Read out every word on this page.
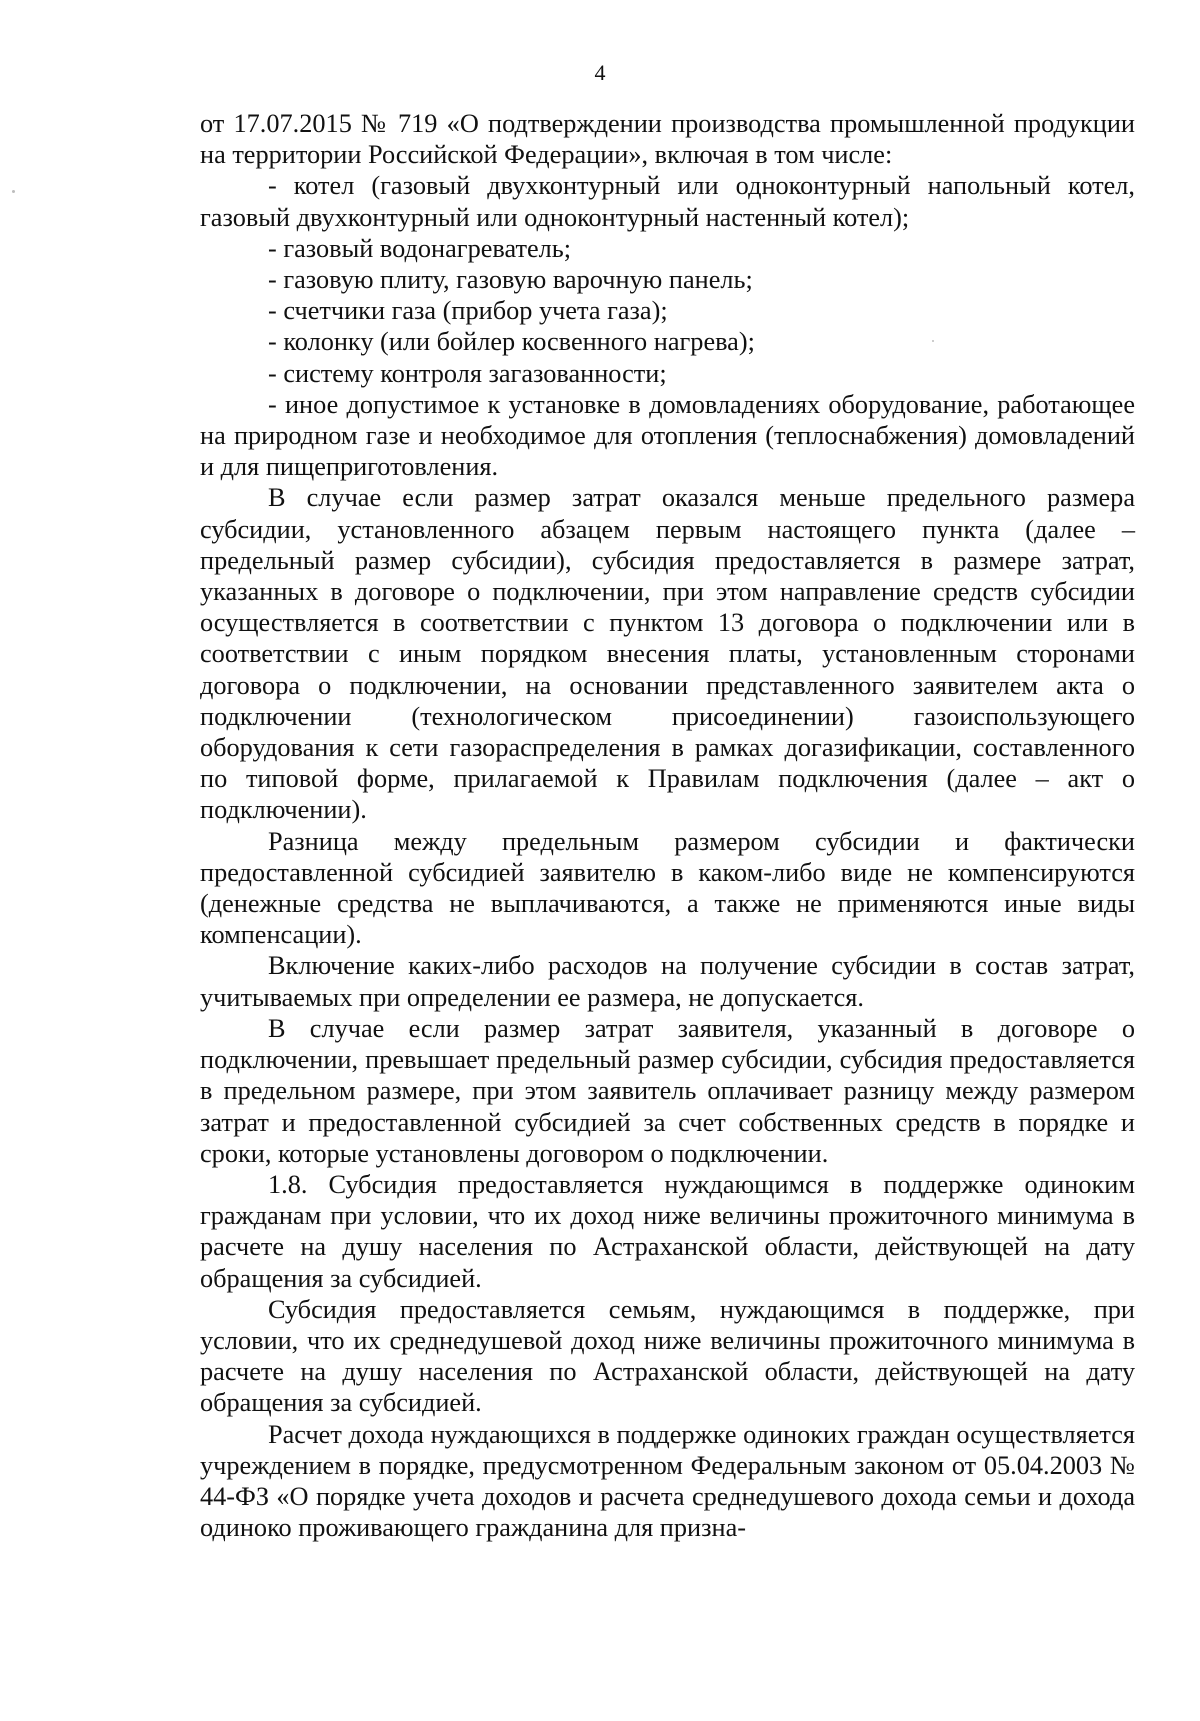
4

от 17.07.2015 № 719 «О подтверждении производства промышленной продукции на территории Российской Федерации», включая в том числе:

- котел (газовый двухконтурный или одноконтурный напольный котел, газовый двухконтурный или одноконтурный настенный котел);

- газовый водонагреватель;

- газовую плиту, газовую варочную панель;

- счетчики газа (прибор учета газа);

- колонку (или бойлер косвенного нагрева);

- систему контроля загазованности;

- иное допустимое к установке в домовладениях оборудование, работающее на природном газе и необходимое для отопления (теплоснабжения) домовладений и для пищеприготовления.

В случае если размер затрат оказался меньше предельного размера субсидии, установленного абзацем первым настоящего пункта (далее – предельный размер субсидии), субсидия предоставляется в размере затрат, указанных в договоре о подключении, при этом направление средств субсидии осуществляется в соответствии с пунктом 13 договора о подключении или в соответствии с иным порядком внесения платы, установленным сторонами договора о подключении, на основании представленного заявителем акта о подключении (технологическом присоединении) газоиспользующего оборудования к сети газораспределения в рамках догазификации, составленного по типовой форме, прилагаемой к Правилам подключения (далее – акт о подключении).

Разница между предельным размером субсидии и фактически предоставленной субсидией заявителю в каком-либо виде не компенсируются (денежные средства не выплачиваются, а также не применяются иные виды компенсации).

Включение каких-либо расходов на получение субсидии в состав затрат, учитываемых при определении ее размера, не допускается.

В случае если размер затрат заявителя, указанный в договоре о подключении, превышает предельный размер субсидии, субсидия предоставляется в предельном размере, при этом заявитель оплачивает разницу между размером затрат и предоставленной субсидией за счет собственных средств в порядке и сроки, которые установлены договором о подключении.

1.8. Субсидия предоставляется нуждающимся в поддержке одиноким гражданам при условии, что их доход ниже величины прожиточного минимума в расчете на душу населения по Астраханской области, действующей на дату обращения за субсидией.

Субсидия предоставляется семьям, нуждающимся в поддержке, при условии, что их среднедушевой доход ниже величины прожиточного минимума в расчете на душу населения по Астраханской области, действующей на дату обращения за субсидией.

Расчет дохода нуждающихся в поддержке одиноких граждан осуществляется учреждением в порядке, предусмотренном Федеральным законом от 05.04.2003 № 44-ФЗ «О порядке учета доходов и расчета среднедушевого дохода семьи и дохода одиноко проживающего гражданина для призна-
